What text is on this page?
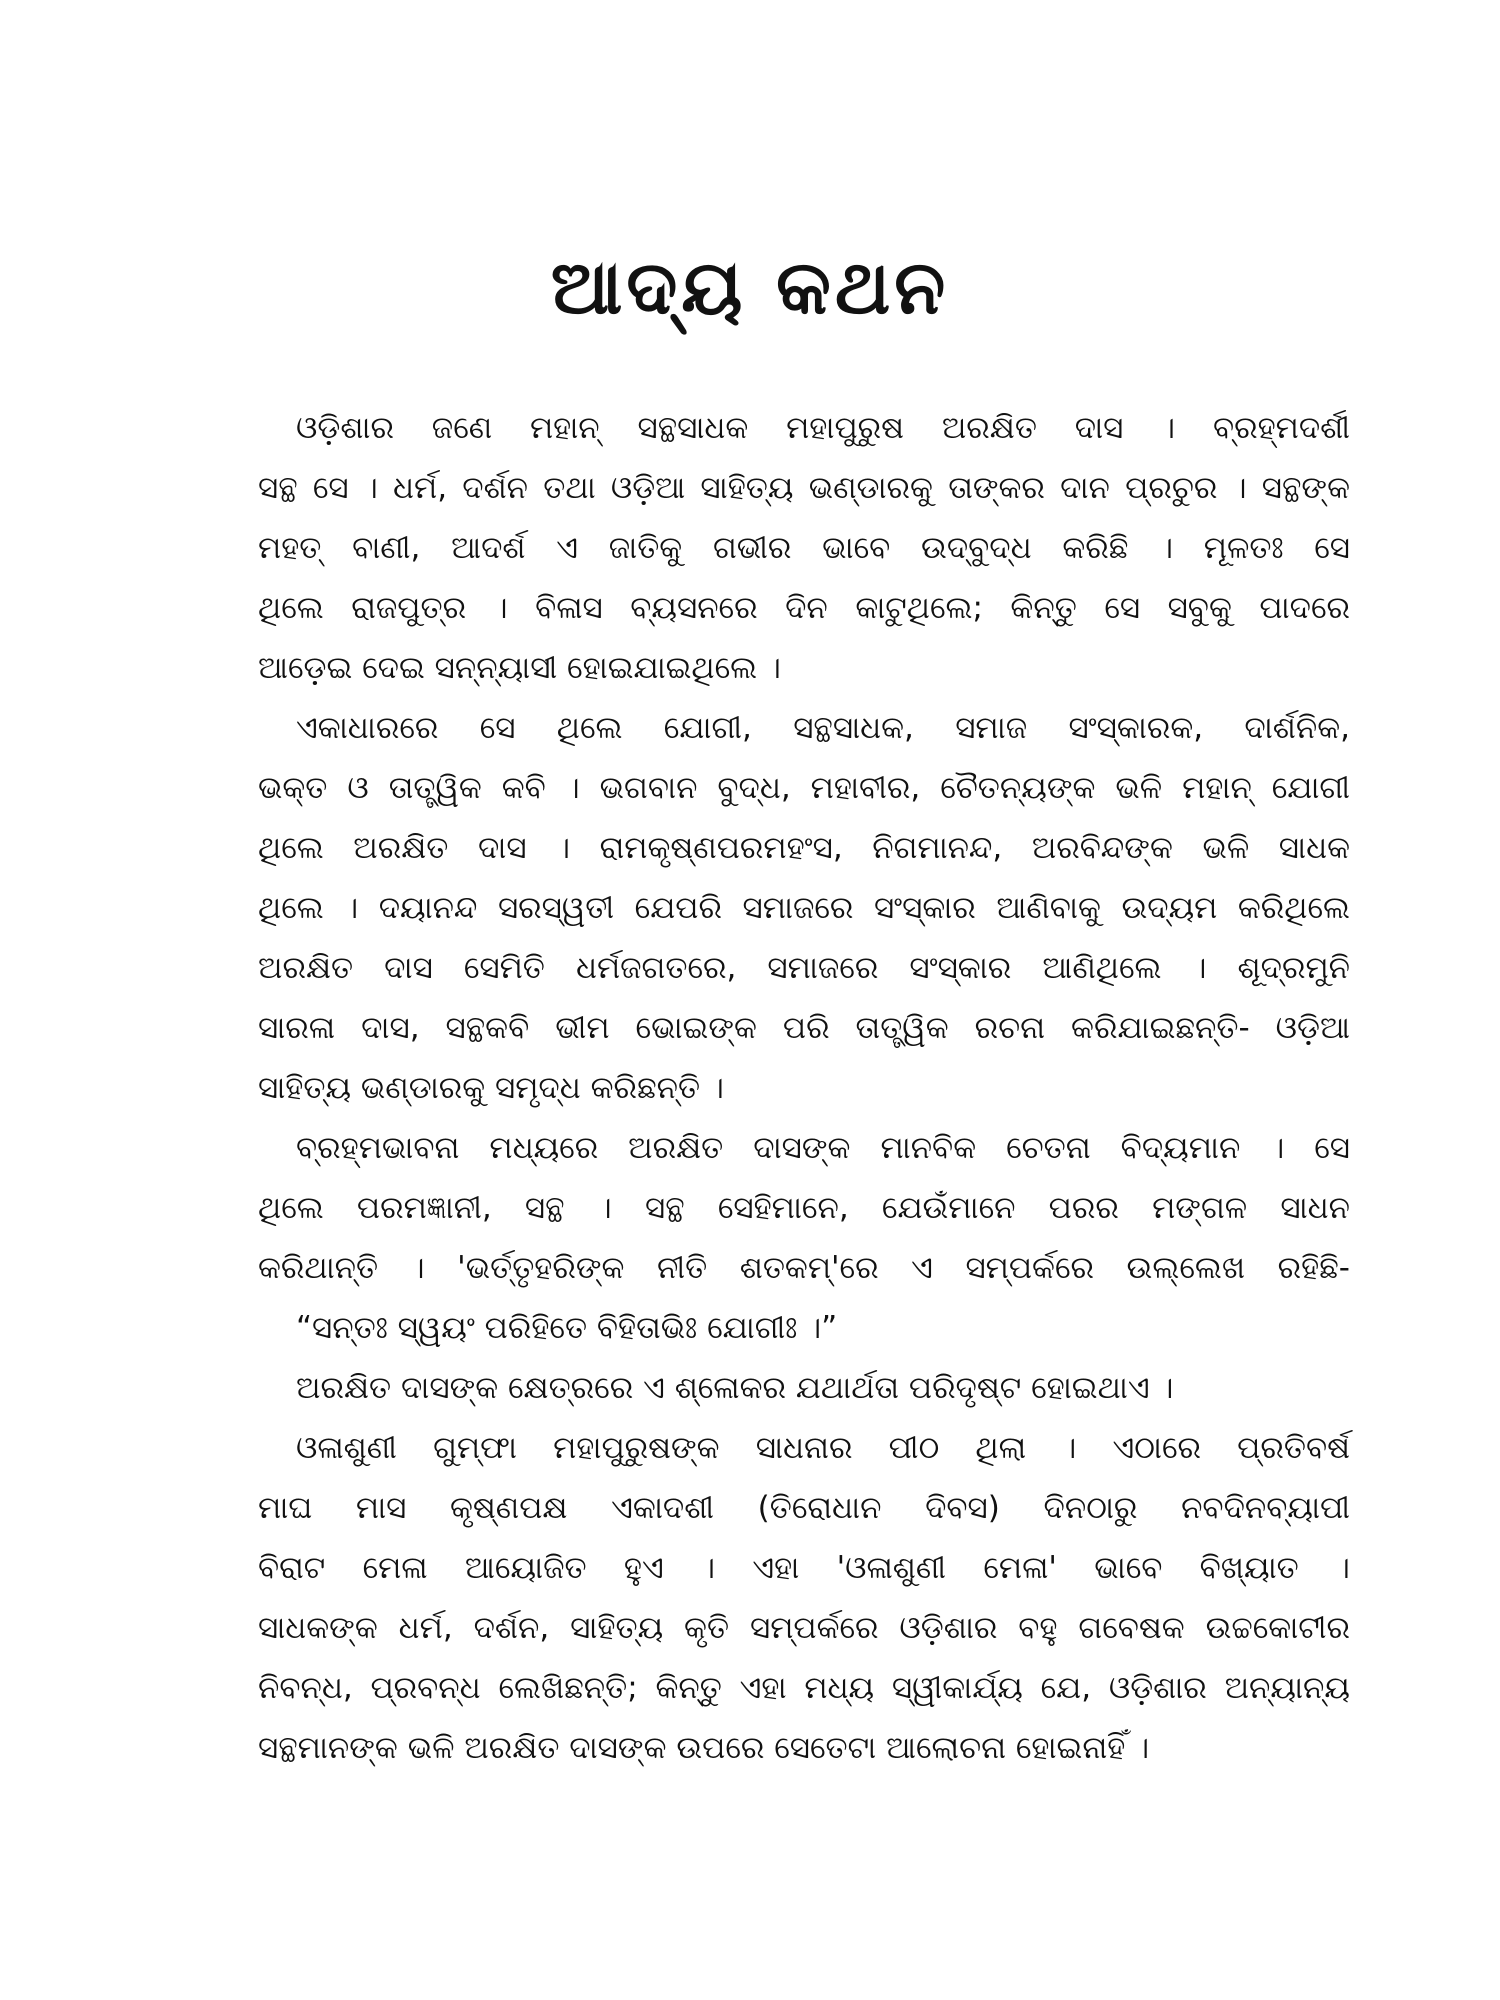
ଆଦ୍ୟ କଥନ
ଓଡ଼ିଶାର ଜଣେ ମହାନ୍ ସନ୍ଥସାଧକ ମହାପୁରୁଷ ଅରକ୍ଷିତ ଦାସ । ବ୍ରହ୍ମଦର୍ଶୀ
ସନ୍ଥ ସେ । ଧର୍ମ, ଦର୍ଶନ ତଥା ଓଡ଼ିଆ ସାହିତ୍ୟ ଭଣ୍ଡାରକୁ ତାଙ୍କର ଦାନ ପ୍ରଚୁର । ସନ୍ଥଙ୍କ
ମହତ୍ ବାଣୀ, ଆଦର୍ଶ ଏ ଜାତିକୁ ଗଭୀର ଭାବେ ଉଦ୍‌ବୁଦ୍ଧ କରିଛି । ମୂଳତଃ ସେ
ଥିଲେ ରାଜପୁତ୍ର । ବିଳାସ ବ୍ୟସନରେ ଦିନ କାଟୁଥିଲେ; କିନ୍ତୁ ସେ ସବୁକୁ ପାଦରେ
ଆଡ଼େଇ ଦେଇ ସନ୍ନ୍ୟାସୀ ହୋଇଯାଇଥିଲେ ।
ଏକାଧାରରେ ସେ ଥିଲେ ଯୋଗୀ, ସନ୍ଥସାଧକ, ସମାଜ ସଂସ୍କାରକ, ଦାର୍ଶନିକ,
ଭକ୍ତ ଓ ତାତ୍ତ୍ୱିକ କବି । ଭଗବାନ ବୁଦ୍ଧ, ମହାବୀର, ଚୈତନ୍ୟଙ୍କ ଭଳି ମହାନ୍ ଯୋଗୀ
ଥିଲେ ଅରକ୍ଷିତ ଦାସ । ରାମକୃଷ୍ଣପରମହଂସ, ନିଗମାନନ୍ଦ, ଅରବିନ୍ଦଙ୍କ ଭଳି ସାଧକ
ଥିଲେ । ଦୟାନନ୍ଦ ସରସ୍ୱତୀ ଯେପରି ସମାଜରେ ସଂସ୍କାର ଆଣିବାକୁ ଉଦ୍ୟମ କରିଥିଲେ
ଅରକ୍ଷିତ ଦାସ ସେମିତି ଧର୍ମଜଗତରେ, ସମାଜରେ ସଂସ୍କାର ଆଣିଥିଲେ । ଶୂଦ୍ରମୁନି
ସାରଳା ଦାସ, ସନ୍ଥକବି ଭୀମ ଭୋଇଙ୍କ ପରି ତାତ୍ତ୍ୱିକ ରଚନା କରିଯାଇଛନ୍ତି- ଓଡ଼ିଆ
ସାହିତ୍ୟ ଭଣ୍ଡାରକୁ ସମୃଦ୍ଧ କରିଛନ୍ତି ।
ବ୍ରହ୍ମଭାବନା ମଧ୍ୟରେ ଅରକ୍ଷିତ ଦାସଙ୍କ ମାନବିକ ଚେତନା ବିଦ୍ୟମାନ । ସେ
ଥିଲେ ପରମଜ୍ଞାନୀ, ସନ୍ଥ । ସନ୍ଥ ସେହିମାନେ, ଯେଉଁମାନେ ପରର ମଙ୍ଗଳ ସାଧନ
କରିଥାନ୍ତି । 'ଭର୍ତ୍ତୃହରିଙ୍କ ନୀତି ଶତକମ୍'ରେ ଏ ସମ୍ପର୍କରେ ଉଲ୍ଲେଖ ରହିଛି-
“ସନ୍ତଃ ସ୍ୱୟଂ ପରିହିତେ ବିହିତାଭିଃ ଯୋଗୀଃ ।”
ଅରକ୍ଷିତ ଦାସଙ୍କ କ୍ଷେତ୍ରରେ ଏ ଶ୍ଳୋକର ଯଥାର୍ଥତା ପରିଦୃଷ୍ଟ ହୋଇଥାଏ ।
ଓଳାଶୁଣୀ ଗୁମ୍ଫା ମହାପୁରୁଷଙ୍କ ସାଧନାର ପୀଠ ଥିଲା । ଏଠାରେ ପ୍ରତିବର୍ଷ
ମାଘ ମାସ କୃଷ୍ଣପକ୍ଷ ଏକାଦଶୀ (ତିରୋଧାନ ଦିବସ) ଦିନଠାରୁ ନବଦିନବ୍ୟାପୀ
ବିରାଟ ମେଳା ଆୟୋଜିତ ହୁଏ । ଏହା 'ଓଳାଶୁଣୀ ମେଳା' ଭାବେ ବିଖ୍ୟାତ ।
ସାଧକଙ୍କ ଧର୍ମ, ଦର୍ଶନ, ସାହିତ୍ୟ କୃତି ସମ୍ପର୍କରେ ଓଡ଼ିଶାର ବହୁ ଗବେଷକ ଉଚ୍ଚକୋଟୀର
ନିବନ୍ଧ, ପ୍ରବନ୍ଧ ଲେଖିଛନ୍ତି; କିନ୍ତୁ ଏହା ମଧ୍ୟ ସ୍ୱୀକାର୍ଯ୍ୟ ଯେ, ଓଡ଼ିଶାର ଅନ୍ୟାନ୍ୟ
ସନ୍ଥମାନଙ୍କ ଭଳି ଅରକ୍ଷିତ ଦାସଙ୍କ ଉପରେ ସେତେଟା ଆଲୋଚନା ହୋଇନାହିଁ ।
